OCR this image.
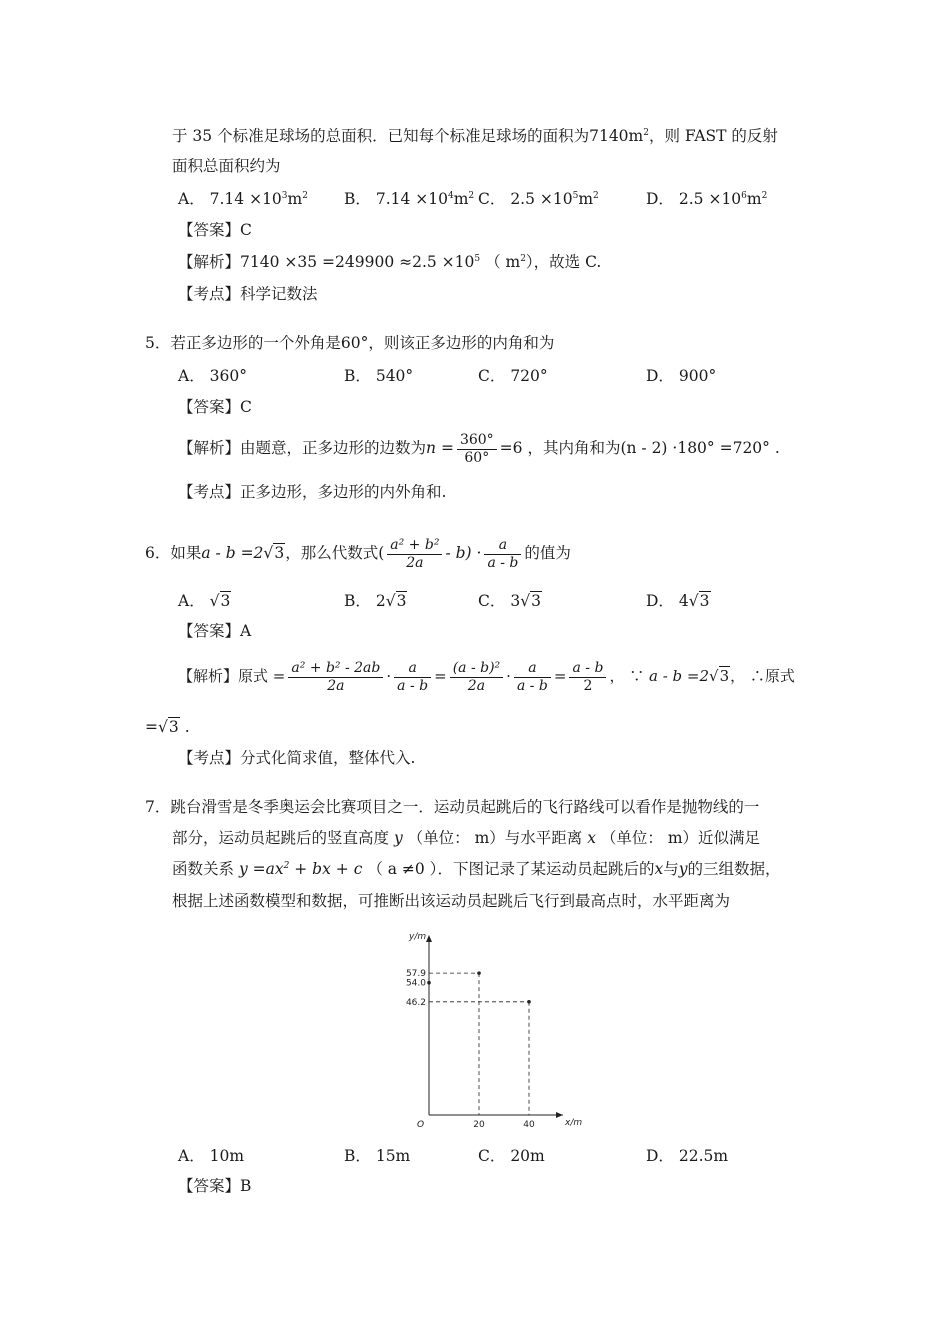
于 35 个标准足球场的总面积．已知每个标准足球场的面积为$7140m^2$，则 FAST 的反射
面积总面积约为
A． $7.14 \times 10^3m^2$ B． $7.14 \times 10^4m^2$ C． $2.5 \times 10^5m^2$	D． $2.5 \times 10^6m^2$
【答案】C
【解析】$7140 \times 35 =249900 \approx 2.5 \times 10^5$ （ $m^2$），故选 C.
【考点】科学记数法
5．若正多边形的一个外角是60°，则该正多边形的内角和为
A． 360°	B． 540°	C． 720°	D． 900°
【答案】C
【解析】由题意，正多边形的边数为$n = \frac{360^\circ}{60^\circ} =6$ ，其内角和为(n - 2) ·180° =720° .
【考点】正多边形，多边形的内外角和.
6．如果a - b =2√3，那么代数式( $\frac{\text{a² + b²}}{2a} - b) \cdot \frac{a}{a - b}$ 的值为
A． √3	B． 2√3	C． 3√3	D． 4√3
【答案】A
【解析】原式 = $\frac{\text{a² + b² - 2ab}}{2a} \cdot \frac{a}{a - b} = \frac{\text{(a - b)²}}{2a} \cdot \frac{a}{a - b} = \frac{a - b}{2}$ ， ∵ a - b =2√3， ∴原式
=√3 .
【考点】分式化简求值，整体代入.
7．跳台滑雪是冬季奥运会比赛项目之一．运动员起跳后的飞行路线可以看作是抛物线的一
部分，运动员起跳后的竖直高度 y （单位： m）与水平距离 x （单位： m）近似满足
函数关系 $y =ax^2$ + bx + c （ a ≠0 ）．下图记录了某运动员起跳后的x与y的三组数据，
根据上述函数模型和数据，可推断出该运动员起跳后飞行到最高点时，水平距离为
x/m
y/m
O	20	40
57.9
54.0
46.2
A． 10m	B． 15m	C． 20m	D． 22.5m
【答案】B
